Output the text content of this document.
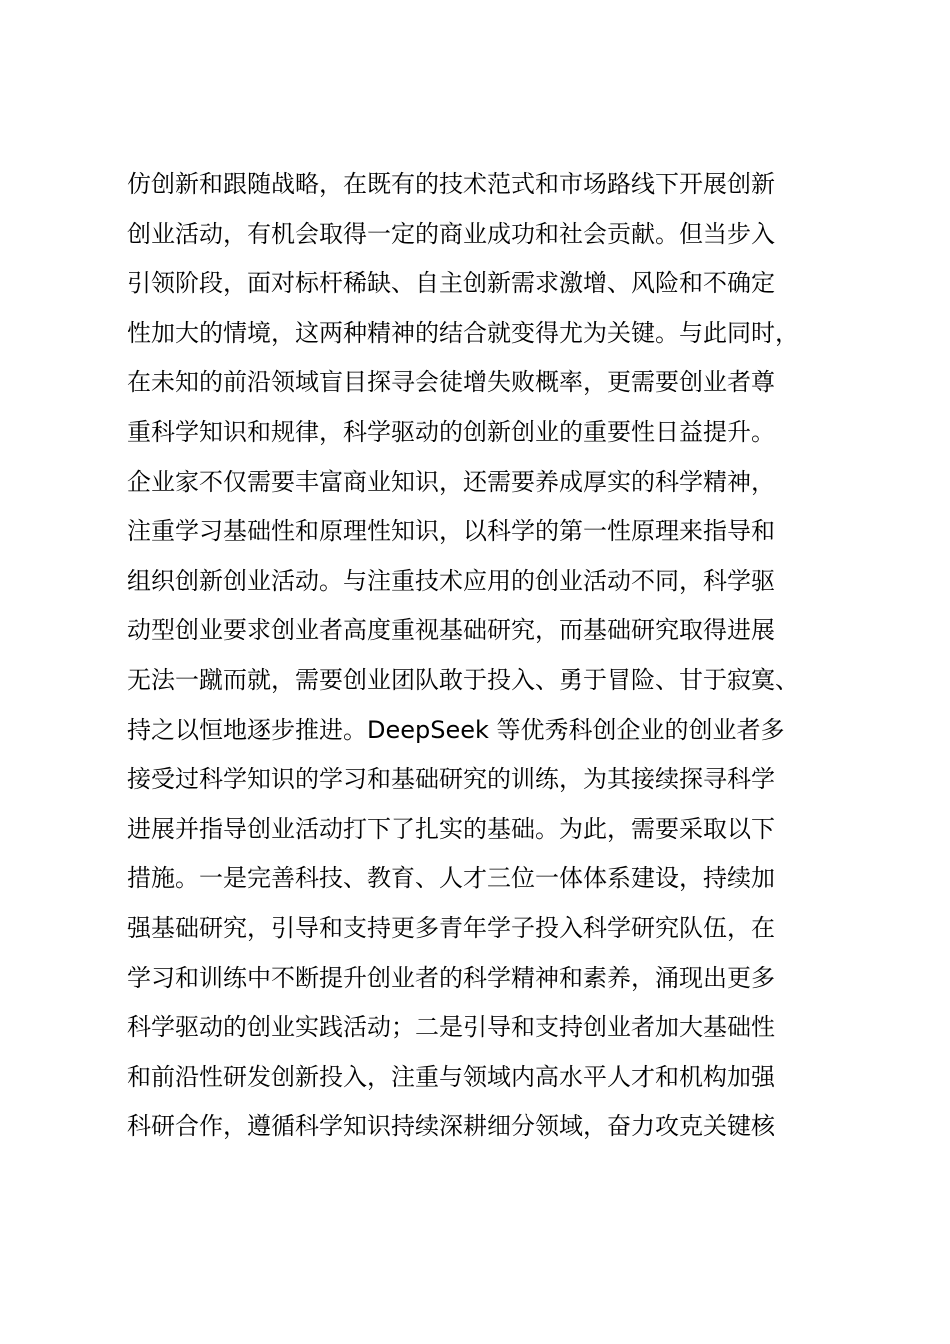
仿创新和跟随战略，在既有的技术范式和市场路线下开展创新
创业活动，有机会取得一定的商业成功和社会贡献。但当步入
引领阶段，面对标杆稀缺、自主创新需求激增、风险和不确定
性加大的情境，这两种精神的结合就变得尤为关键。与此同时，
在未知的前沿领域盲目探寻会徒增失败概率，更需要创业者尊
重科学知识和规律，科学驱动的创新创业的重要性日益提升。
企业家不仅需要丰富商业知识，还需要养成厚实的科学精神，
注重学习基础性和原理性知识，以科学的第一性原理来指导和
组织创新创业活动。与注重技术应用的创业活动不同，科学驱
动型创业要求创业者高度重视基础研究，而基础研究取得进展
无法一蹴而就，需要创业团队敢于投入、勇于冒险、甘于寂寞、
持之以恒地逐步推进。DeepSeek 等优秀科创企业的创业者多
接受过科学知识的学习和基础研究的训练，为其接续探寻科学
进展并指导创业活动打下了扎实的基础。为此，需要采取以下
措施。一是完善科技、教育、人才三位一体体系建设，持续加
强基础研究，引导和支持更多青年学子投入科学研究队伍，在
学习和训练中不断提升创业者的科学精神和素养，涌现出更多
科学驱动的创业实践活动；二是引导和支持创业者加大基础性
和前沿性研发创新投入，注重与领域内高水平人才和机构加强
科研合作，遵循科学知识持续深耕细分领域，奋力攻克关键核
